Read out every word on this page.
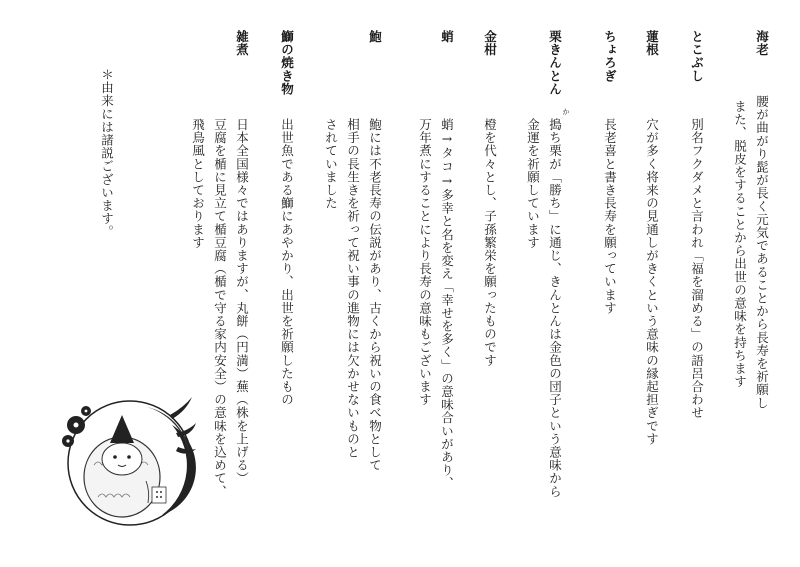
海老
とこぶし
蓮根
ちょろぎ
栗きんとん
金柑
蛸
鮑
鰤の焼き物
雑煮
腰が曲がり髭が長く元気であることから長寿を祈願し
また、脱皮をすることから出世の意味を持ちます
別名フクダメと言われ「福を溜める」の語呂合わせ
穴が多く将来の見通しがきくという意味の縁起担ぎです
長老喜と書き長寿を願っています
か
搗ち栗が「勝ち」に通じ、きんとんは金色の団子という意味から
金運を祈願しています
橙を代々とし、子孫繁栄を願ったものです
蛸→タコ→多幸と名を変え「幸せを多く」の意味合いがあり、
万年煮にすることにより長寿の意味もございます
鮑には不老長寿の伝説があり、古くから祝いの食べ物として
相手の長生きを祈って祝い事の進物には欠かせないものと
されていました
出世魚である鰤にあやかり、出世を祈願したもの
日本全国様々ではありますが、丸餅（円満）蕪（株を上げる）
豆腐を楯に見立て楯豆腐（楯で守る家内安全）の意味を込めて、
飛鳥風としております
＊由来には諸説ございます。
